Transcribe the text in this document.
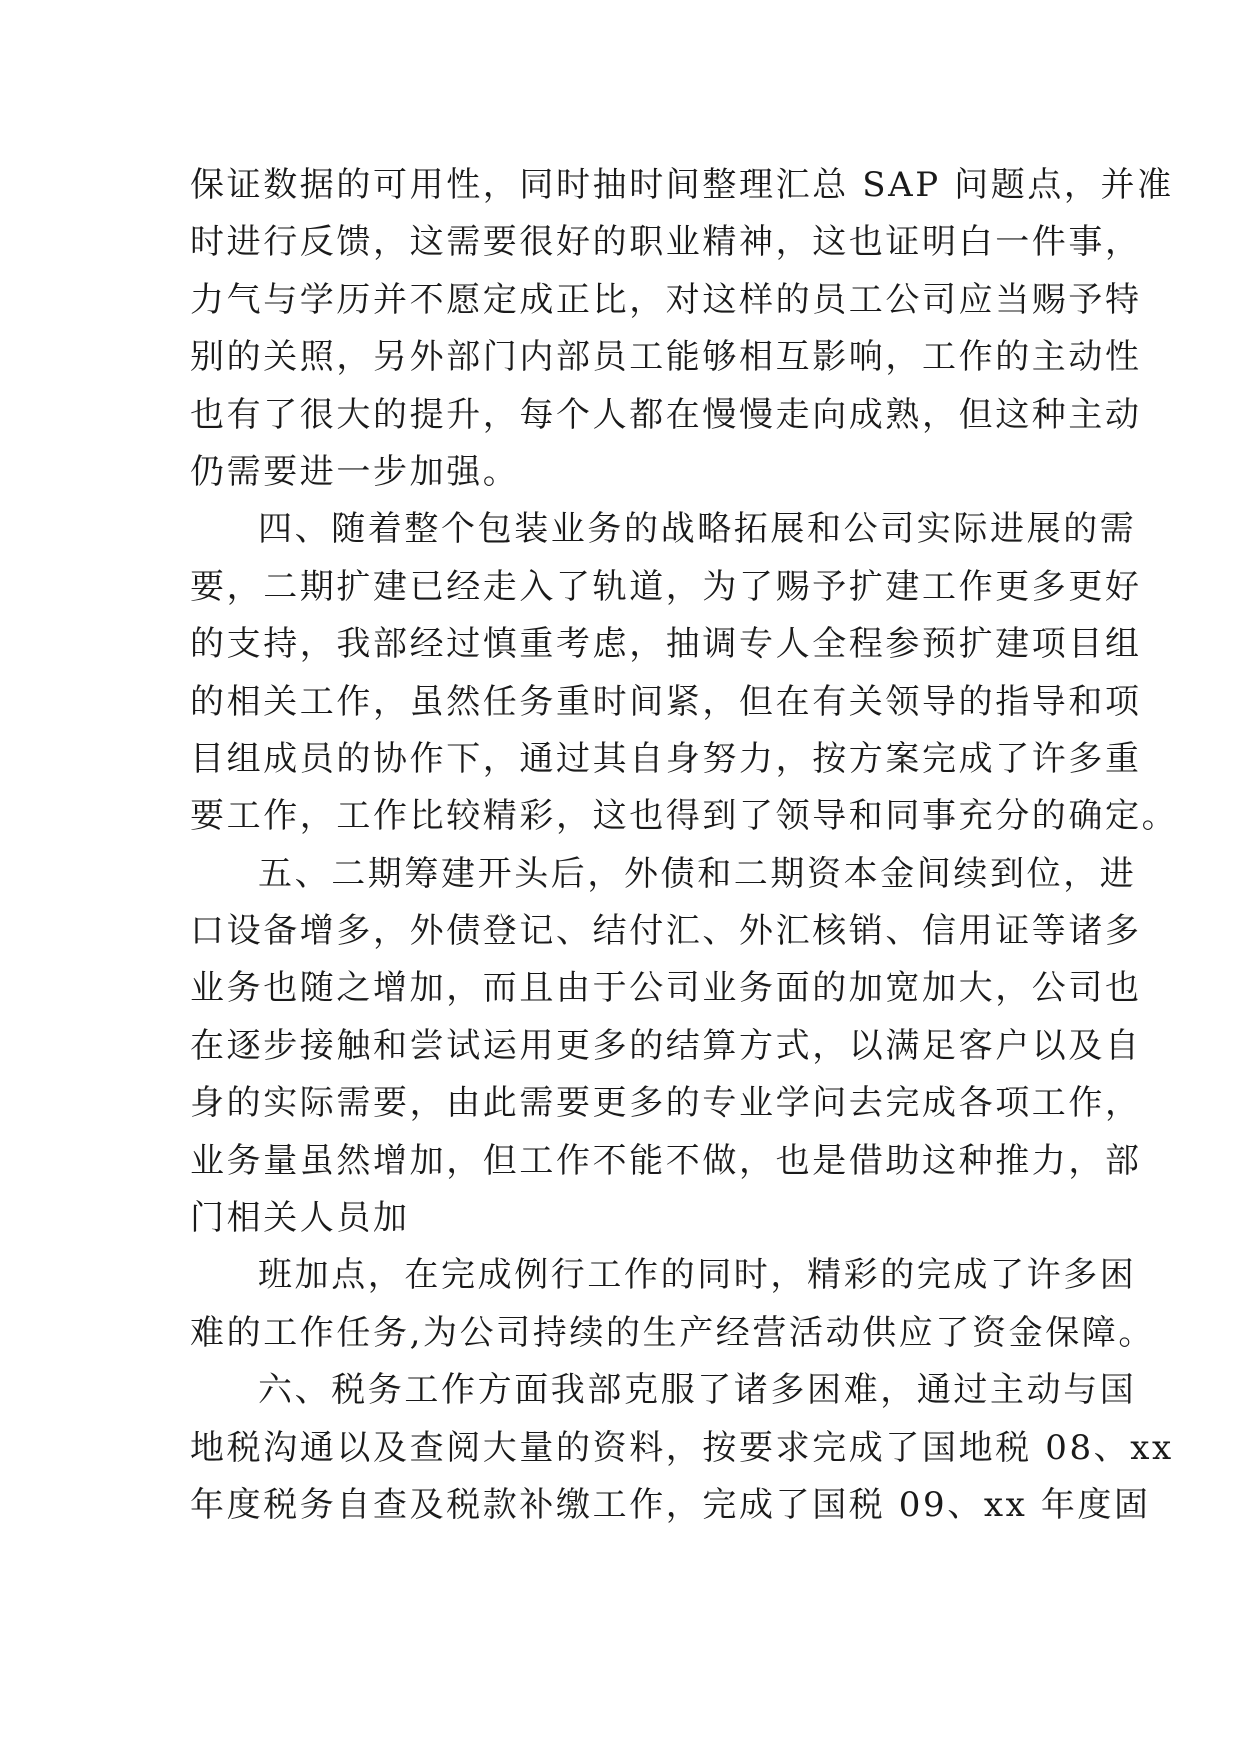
保证数据的可用性，同时抽时间整理汇总 SAP 问题点，并准
时进行反馈，这需要很好的职业精神，这也证明白一件事，
力气与学历并不愿定成正比，对这样的员工公司应当赐予特
别的关照，另外部门内部员工能够相互影响，工作的主动性
也有了很大的提升，每个人都在慢慢走向成熟，但这种主动
仍需要进一步加强。
四、随着整个包装业务的战略拓展和公司实际进展的需
要，二期扩建已经走入了轨道，为了赐予扩建工作更多更好
的支持，我部经过慎重考虑，抽调专人全程参预扩建项目组
的相关工作，虽然任务重时间紧，但在有关领导的指导和项
目组成员的协作下，通过其自身努力，按方案完成了许多重
要工作，工作比较精彩，这也得到了领导和同事充分的确定。
五、二期筹建开头后，外债和二期资本金间续到位，进
口设备增多，外债登记、结付汇、外汇核销、信用证等诸多
业务也随之增加，而且由于公司业务面的加宽加大，公司也
在逐步接触和尝试运用更多的结算方式，以满足客户以及自
身的实际需要，由此需要更多的专业学问去完成各项工作，
业务量虽然增加，但工作不能不做，也是借助这种推力，部
门相关人员加
班加点，在完成例行工作的同时，精彩的完成了许多困
难的工作任务,为公司持续的生产经营活动供应了资金保障。
六、税务工作方面我部克服了诸多困难，通过主动与国
地税沟通以及查阅大量的资料，按要求完成了国地税 08、xx
年度税务自查及税款补缴工作，完成了国税 09、xx 年度固
